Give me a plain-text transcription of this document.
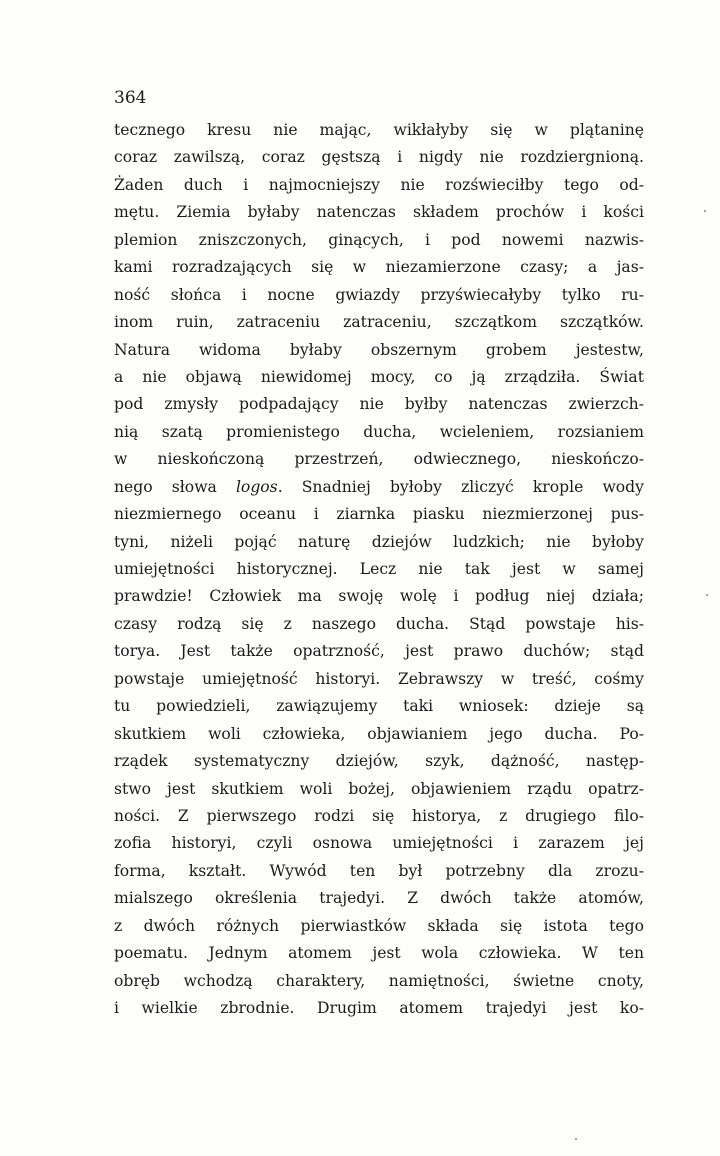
364
tecznego kresu nie mając, wikłałyby się w plątaninę
coraz zawilszą, coraz gęstszą i nigdy nie rozdziergnioną.
Żaden duch i najmocniejszy nie rozświeciłby tego od-
mętu. Ziemia byłaby natenczas składem prochów i kości
plemion zniszczonych, ginących, i pod nowemi nazwis-
kami rozradzających się w niezamierzone czasy; a jas-
ność słońca i nocne gwiazdy przyświecałyby tylko ru-
inom ruin, zatraceniu zatraceniu, szczątkom szczątków.
Natura widoma byłaby obszernym grobem jestestw,
a nie objawą niewidomej mocy, co ją zrządziła. Świat
pod zmysły podpadający nie byłby natenczas zwierzch-
nią szatą promienistego ducha, wcieleniem, rozsianiem
w nieskończoną przestrzeń, odwiecznego, nieskończo-
nego słowa logos. Snadniej byłoby zliczyć krople wody
niezmiernego oceanu i ziarnka piasku niezmierzonej pus-
tyni, niżeli pojąć naturę dziejów ludzkich; nie byłoby
umiejętności historycznej. Lecz nie tak jest w samej
prawdzie! Człowiek ma swoję wolę i podług niej działa;
czasy rodzą się z naszego ducha. Stąd powstaje his-
torya. Jest także opatrzność, jest prawo duchów; stąd
powstaje umiejętność historyi. Zebrawszy w treść, cośmy
tu powiedzieli, zawiązujemy taki wniosek: dzieje są
skutkiem woli człowieka, objawianiem jego ducha. Po-
rządek systematyczny dziejów, szyk, dążność, następ-
stwo jest skutkiem woli bożej, objawieniem rządu opatrz-
ności. Z pierwszego rodzi się historya, z drugiego filo-
zofia historyi, czyli osnowa umiejętności i zarazem jej
forma, kształt. Wywód ten był potrzebny dla zrozu-
mialszego określenia trajedyi. Z dwóch także atomów,
z dwóch różnych pierwiastków składa się istota tego
poematu. Jednym atomem jest wola człowieka. W ten
obręb wchodzą charaktery, namiętności, świetne cnoty,
i wielkie zbrodnie. Drugim atomem trajedyi jest ko-
